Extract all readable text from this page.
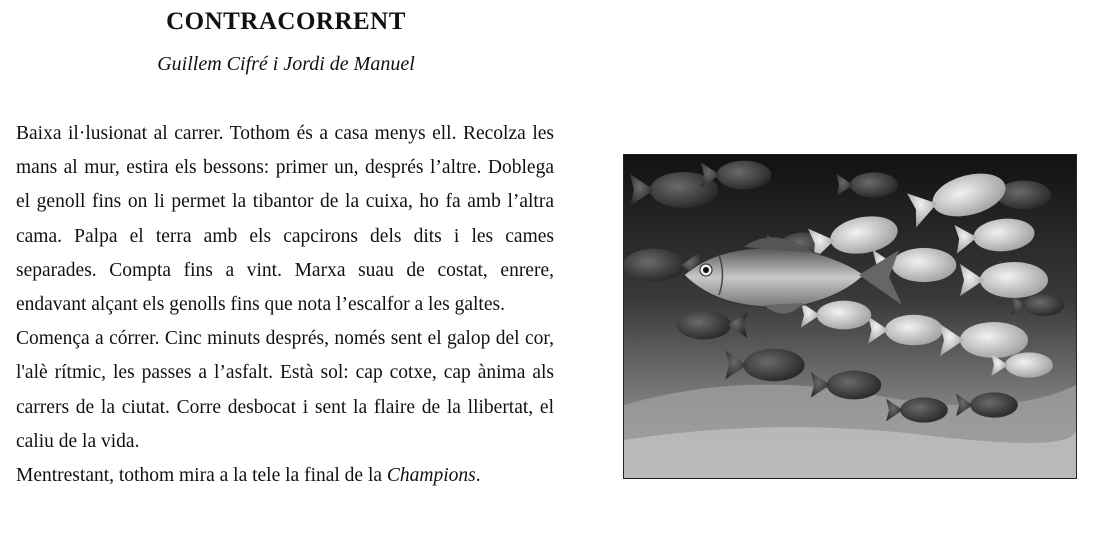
CONTRACORRENT

Guillem Cifré i Jordi de Manuel

Baixa il·lusionat al carrer. Tothom és a casa menys ell. Recolza les mans al mur, estira els bessons: primer un, després l’altre. Doblega el genoll fins on li permet la tibantor de la cuixa, ho fa amb l’altra cama. Palpa el terra amb els capcirons dels dits i les cames separades. Compta fins a vint. Marxa suau de costat, enrere, endavant alçant els genolls fins que nota l’escalfor a les galtes.

Comença a córrer. Cinc minuts després, només sent el galop del cor, l'alè rítmic, les passes a l’asfalt. Està sol: cap cotxe, cap ànima als carrers de la ciutat. Corre desbocat i sent la flaire de la llibertat, el caliu de la vida.

Mentrestant, tothom mira a la tele la final de la Champions.
